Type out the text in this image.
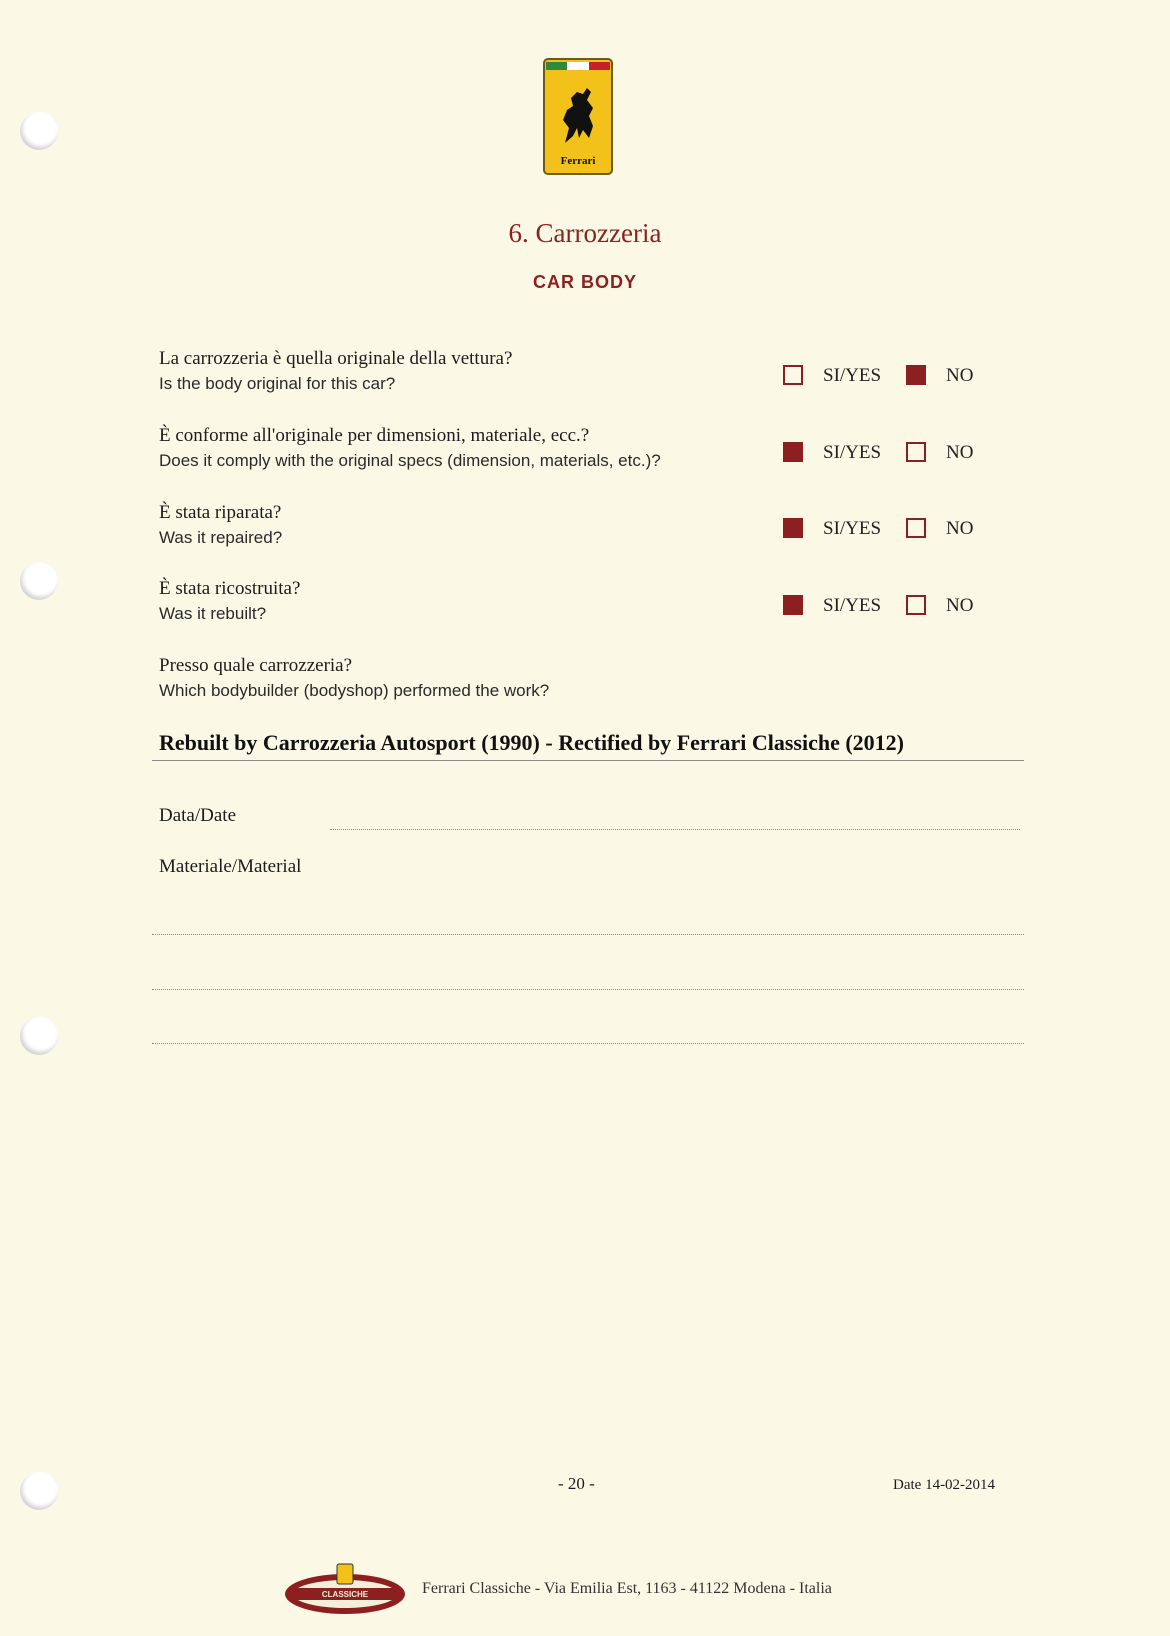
Ferrari
6. Carrozzeria
CAR BODY
La carrozzeria è quella originale della vettura?
Is the body original for this car?	SI/YES	NO
È conforme all'originale per dimensioni, materiale, ecc.?
Does it comply with the original specs (dimension, materials, etc.)?	SI/YES	NO
È stata riparata?
Was it repaired?	SI/YES	NO
È stata ricostruita?
Was it rebuilt?	SI/YES	NO
Presso quale carrozzeria?
Which bodybuilder (bodyshop) performed the work?
Rebuilt by Carrozzeria Autosport (1990) - Rectified by Ferrari Classiche (2012)
Data/Date
Materiale/Material
- 20 -	Date 14-02-2014
CLASSICHE	Ferrari Classiche - Via Emilia Est, 1163 - 41122 Modena - Italia
